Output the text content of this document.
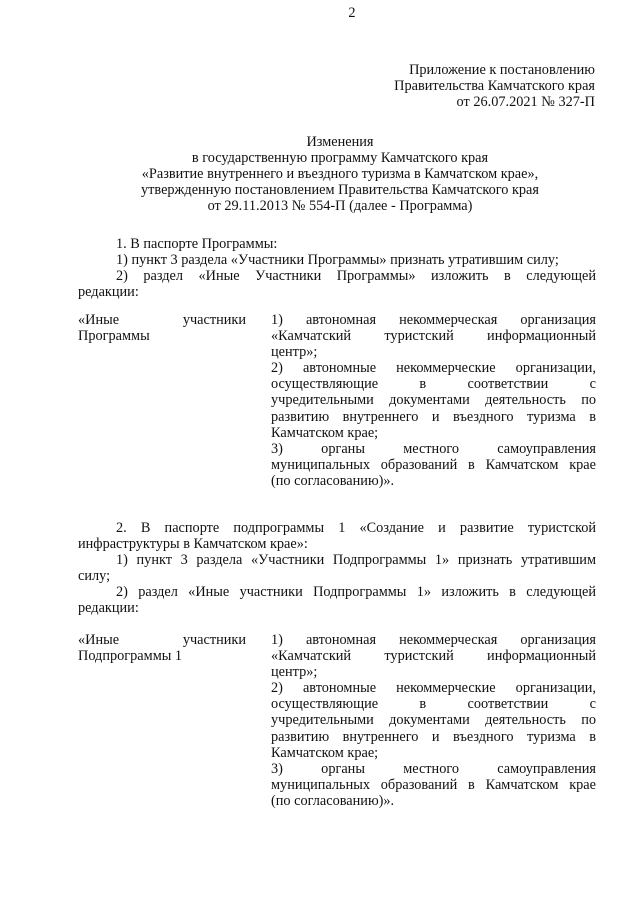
2
Приложение к постановлению
Правительства Камчатского края
от 26.07.2021 № 327-П
Изменения
в государственную программу Камчатского края
«Развитие внутреннего и въездного туризма в Камчатском крае»,
утвержденную постановлением Правительства Камчатского края
от 29.11.2013 № 554-П (далее - Программа)
1. В паспорте Программы:
1) пункт 3 раздела «Участники Программы» признать утратившим силу;
2) раздел «Иные Участники Программы» изложить в следующей
редакции:
«Иные участники
Программы
1) автономная некоммерческая организация
«Камчатский туристский информационный
центр»;
2) автономные некоммерческие организации,
осуществляющие в соответствии с
учредительными документами деятельность по
развитию внутреннего и въездного туризма в
Камчатском крае;
3) органы местного самоуправления
муниципальных образований в Камчатском крае
(по согласованию)».
2. В паспорте подпрограммы 1 «Создание и развитие туристской
инфраструктуры в Камчатском крае»:
1) пункт 3 раздела «Участники Подпрограммы 1» признать утратившим
силу;
2) раздел «Иные участники Подпрограммы 1» изложить в следующей
редакции:
«Иные участники
Подпрограммы 1
1) автономная некоммерческая организация
«Камчатский туристский информационный
центр»;
2) автономные некоммерческие организации,
осуществляющие в соответствии с
учредительными документами деятельность по
развитию внутреннего и въездного туризма в
Камчатском крае;
3) органы местного самоуправления
муниципальных образований в Камчатском крае
(по согласованию)».
